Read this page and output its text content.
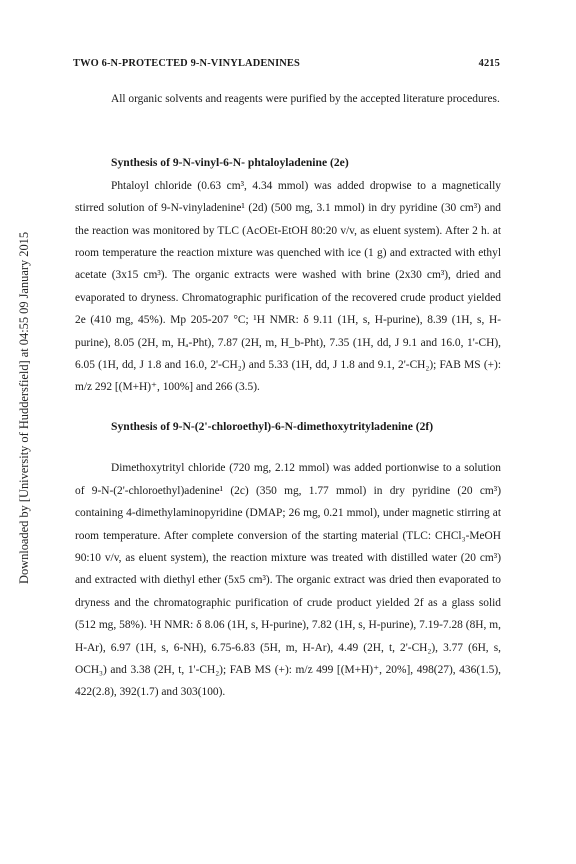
Downloaded by [University of Huddersfield] at 04:55 09 January 2015
TWO 6-N-PROTECTED 9-N-VINYLADENINES	4215

All organic solvents and reagents were purified by the accepted literature procedures.

Synthesis of 9-N-vinyl-6-N- phtaloyladenine (2e)

Phtaloyl chloride (0.63 cm³, 4.34 mmol) was added dropwise to a magnetically stirred solution of 9-N-vinyladenine¹ (2d) (500 mg, 3.1 mmol) in dry pyridine (30 cm³) and the reaction was monitored by TLC (AcOEt-EtOH 80:20 v/v, as eluent system). After 2 h. at room temperature the reaction mixture was quenched with ice (1 g) and extracted with ethyl acetate (3x15 cm³). The organic extracts were washed with brine (2x30 cm³), dried and evaporated to dryness. Chromatographic purification of the recovered crude product yielded 2e (410 mg, 45%). Mp 205-207 °C; ¹H NMR: δ 9.11 (1H, s, H-purine), 8.39 (1H, s, H-purine), 8.05 (2H, m, Hₐ-Pht), 7.87 (2H, m, H_b-Pht), 7.35 (1H, dd, J 9.1 and 16.0, 1'-CH), 6.05 (1H, dd, J 1.8 and 16.0, 2'-CH₂) and 5.33 (1H, dd, J 1.8 and 9.1, 2'-CH₂); FAB MS (+): m/z 292 [(M+H)⁺, 100%] and 266 (3.5).

Synthesis of 9-N-(2'-chloroethyl)-6-N-dimethoxytrityladenine (2f)

Dimethoxytrityl chloride (720 mg, 2.12 mmol) was added portionwise to a solution of 9-N-(2'-chloroethyl)adenine¹ (2c) (350 mg, 1.77 mmol) in dry pyridine (20 cm³) containing 4-dimethylaminopyridine (DMAP; 26 mg, 0.21 mmol), under magnetic stirring at room temperature. After complete conversion of the starting material (TLC: CHCl₃-MeOH 90:10 v/v, as eluent system), the reaction mixture was treated with distilled water (20 cm³) and extracted with diethyl ether (5x5 cm³). The organic extract was dried then evaporated to dryness and the chromatographic purification of crude product yielded 2f as a glass solid (512 mg, 58%). ¹H NMR: δ 8.06 (1H, s, H-purine), 7.82 (1H, s, H-purine), 7.19-7.28 (8H, m, H-Ar), 6.97 (1H, s, 6-NH), 6.75-6.83 (5H, m, H-Ar), 4.49 (2H, t, 2'-CH₂), 3.77 (6H, s, OCH₃) and 3.38 (2H, t, 1'-CH₂); FAB MS (+): m/z 499 [(M+H)⁺, 20%], 498(27), 436(1.5), 422(2.8), 392(1.7) and 303(100).
